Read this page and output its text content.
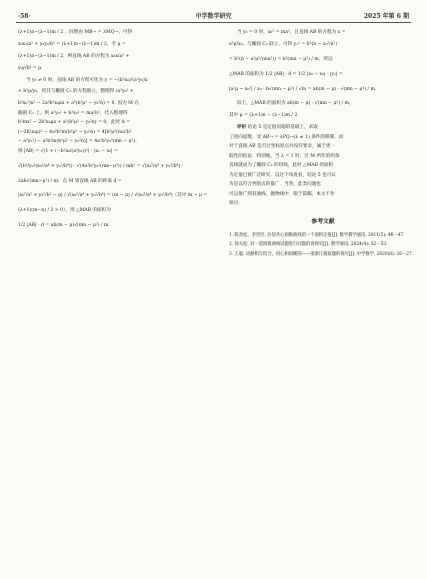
·58·	中学数学研究	2025 年第 6 期
(λ+1)n−(λ−1)m / 2 ．同理由 MB→ = λMQ→，可得
x₀x₂/a² + y₀y₂/b² = (λ+1)n−(λ−1)m / 2，令 μ =
(λ+1)n−(λ−1)m / 2，则直线 AB 的方程为 x₀x/a² +
y₀y/b² = μ.
当 y₀ ≠ 0 时，直线 AB 的方程可化为 y = −(b²x₀)/(a²y₀)x
+ b²μ/y₀，将其与椭圆 C₂ 的方程联立，整理得 (a²y₀² +
b²x₀²)x² − 2a²b²x₀μx + a⁴(b²μ² − y₀²n) = 0. 因为 M 在
椭圆 C₁ 上，则 a²y₀² + b²x₀² = ma²b²，代入整理得
b²mx² − 2b²x₀μx + a²(b²μ² − y₀²n) = 0，此时 Δ =
(−2b²x₀μ)² − 4a²b²m(b²μ² − y₀²n) = 4[b²μ²(ma²b²
− a²y₀²) − a²b²m(b²μ² − y₀²n)] = 4a²b²y₀²(mn − μ²)，
则 |AB| = √(1 + (−b²x₀/(a²y₀))²) · |x₁ − x₂| =
√(b²/y₀²(x₀²/a⁴ + y₀²/b⁴)) · √(4a²b²y₀²(mn−μ²)) / mb² = √(x₀²/a⁴ + y₀²/b⁴) ·
2ab√(mn−μ²) / m．点 M 到直线 AB 的距离 d =
|x₀²/a² + y₀²/b² − μ| / √(x₀²/a⁴ + y₀²/b⁴) = (m − μ) / √(x₀²/a⁴ + y₀²/b⁴)（其中 m − μ =
(λ+1)(m−n) / 2 > 0），则 △MAB 的面积为
1/2 |AB| · d = ab(m − μ)√(mn − μ²) / m．
当 y₀ = 0 时，x₀² = ma²，且直线 AB 的方程为 x =
a²μ/x₀，与椭圆 C₂ 联立，可得 y₁² = b²(n − x₀²/a²)
= b²(n − a²μ²/(ma²)) = b²(mn − μ²) / m，所以
△MAB 的面积为 1/2 |AB| · d = 1/2 |x₀ − x₀| · |y₁| =
|a²μ − x₀²| / x₀ · b√(mn − μ²) / √m = ab(m − μ) · √(mn − μ²) / m．
综上，△MAB 的面积为 ab(m − μ) · √(mn − μ²) / m，
其中 μ = (λ+1)n − (λ−1)m / 2．
评析 结论 5 是定值问题的基础上，求取
了逆向思维，受 AB→ = λPQ→(λ ≠ 1) 条件的限制，而
对于直线 AB 是否过坐标原点并没有要求，属于更一
般性的结论．特别地，当 λ = 1 时，过 M 所作的两条
直线就成为了椭圆 C₂ 的切线，此时 △MAB 的面积
为定值已被广泛研究．以这个角度看，结论 5 也可认
为是以符合判别式的推广．当然，此类问题也
可以推广到双曲线、抛物线中，限于篇幅，本文不作
探讨．
参考文献
1. 陈劲松，李世臣. 位似共心圆锥曲线的一个面积定值[J]. 数学教学通讯, 2011(5): 46－47.
2. 徐关松. 对一道圆锥曲线试题进行问题的再探究[J]. 数学通讯, 2024(4): 52－53.
3. 王聪. 动静相互结合，同心相似椭圆——道浙江模拟题的探究[J]. 中学数学, 2020(8): 26－27.
